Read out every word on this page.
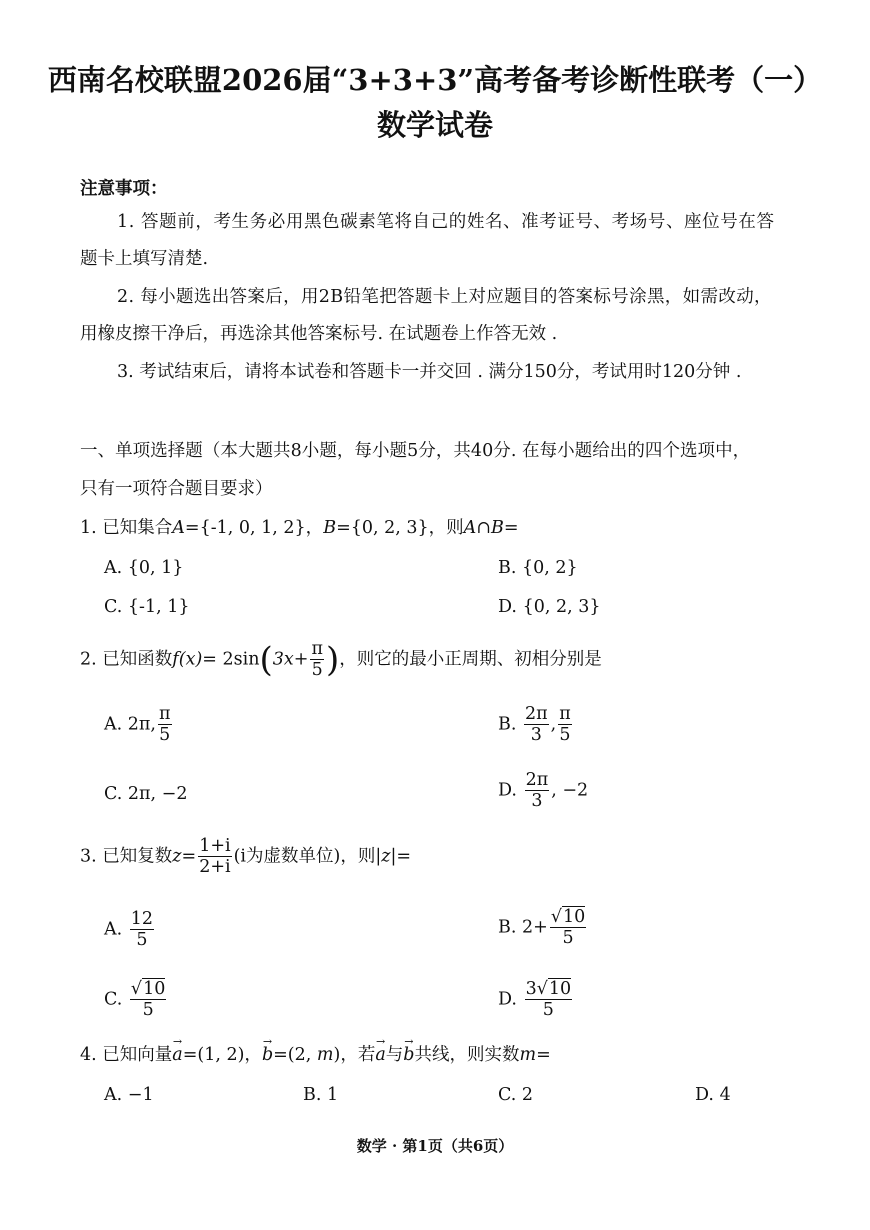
西南名校联盟2026届“3+3+3”高考备考诊断性联考（一）
数学试卷
注意事项：
1. 答题前，考生务必用黑色碳素笔将自己的姓名、准考证号、考场号、座位号在答
题卡上填写清楚.
2. 每小题选出答案后，用2B铅笔把答题卡上对应题目的答案标号涂黑，如需改动，
用橡皮擦干净后，再选涂其他答案标号. 在试题卷上作答无效 .
3. 考试结束后，请将本试卷和答题卡一并交回 . 满分150分，考试用时120分钟 .
一、单项选择题（本大题共8小题，每小题5分，共40分. 在每小题给出的四个选项中，
只有一项符合题目要求）
1. 已知集合A={-1, 0, 1, 2}，B={0, 2, 3}，则A∩B=
A. {0, 1}	B. {0, 2}
C. {-1, 1}	D. {0, 2, 3}
2. 已知函数$f(x)= 2\sin(3x+ \frac{\pi}{5}$ )，则它的最小正周期、初相分别是
A. 2π, $\frac{\pi}{5}$	B. $\frac{2\pi}{3}$ , $\frac{\pi}{5}$
C. 2π, −2	D. $\frac{2\pi}{3}$ , −2
3. 已知复数$z= \frac{1+i}{2+i} (i$为虚数单位)，则|z|=
A. $\frac{12}{5}$	B. $2+ \frac{√10}{5}$
C. $\frac{√10}{5}$	D. $\frac{3√10}{5}$
4. 已知向量→ a=(1, 2)，→ b=(2, m)，若→ a与→ b共线，则实数m=
A. −1	B. 1	C. 2	D. 4
数学 · 第1页（共6页）
